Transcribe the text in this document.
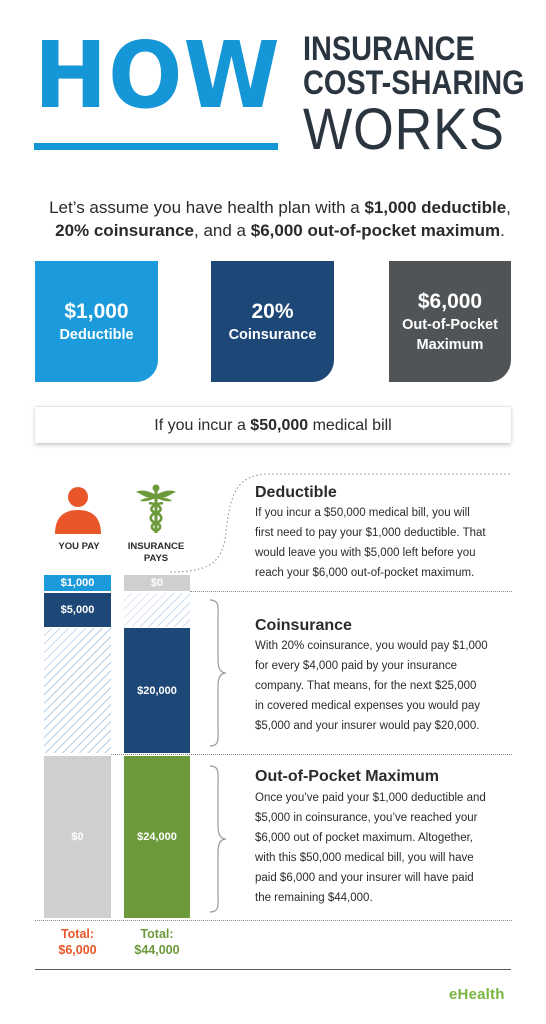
HOW INSURANCE
COST-SHARING
WORKS
Let’s assume you have health plan with a $1,000 deductible,
20% coinsurance, and a $6,000 out-of-pocket maximum.
$1,000
Deductible
20%
Coinsurance
$6,000
Out-of-Pocket
Maximum
If you incur a $50,000 medical bill
YOU PAY	INSURANCE
PAYS
$1,000
$5,000
$0
$0
$20,000
$24,000
Deductible
If you incur a $50,000 medical bill, you will
first need to pay your $1,000 deductible. That
would leave you with $5,000 left before you
reach your $6,000 out-of-pocket maximum.
Coinsurance
With 20% coinsurance, you would pay $1,000
for every $4,000 paid by your insurance
company. That means, for the next $25,000
in covered medical expenses you would pay
$5,000 and your insurer would pay $20,000.
Out-of-Pocket Maximum
Once you’ve paid your $1,000 deductible and
$5,000 in coinsurance, you’ve reached your
$6,000 out of pocket maximum. Altogether,
with this $50,000 medical bill, you will have
paid $6,000 and your insurer will have paid
the remaining $44,000.
Total:
$6,000
Total:
$44,000
eHealth
